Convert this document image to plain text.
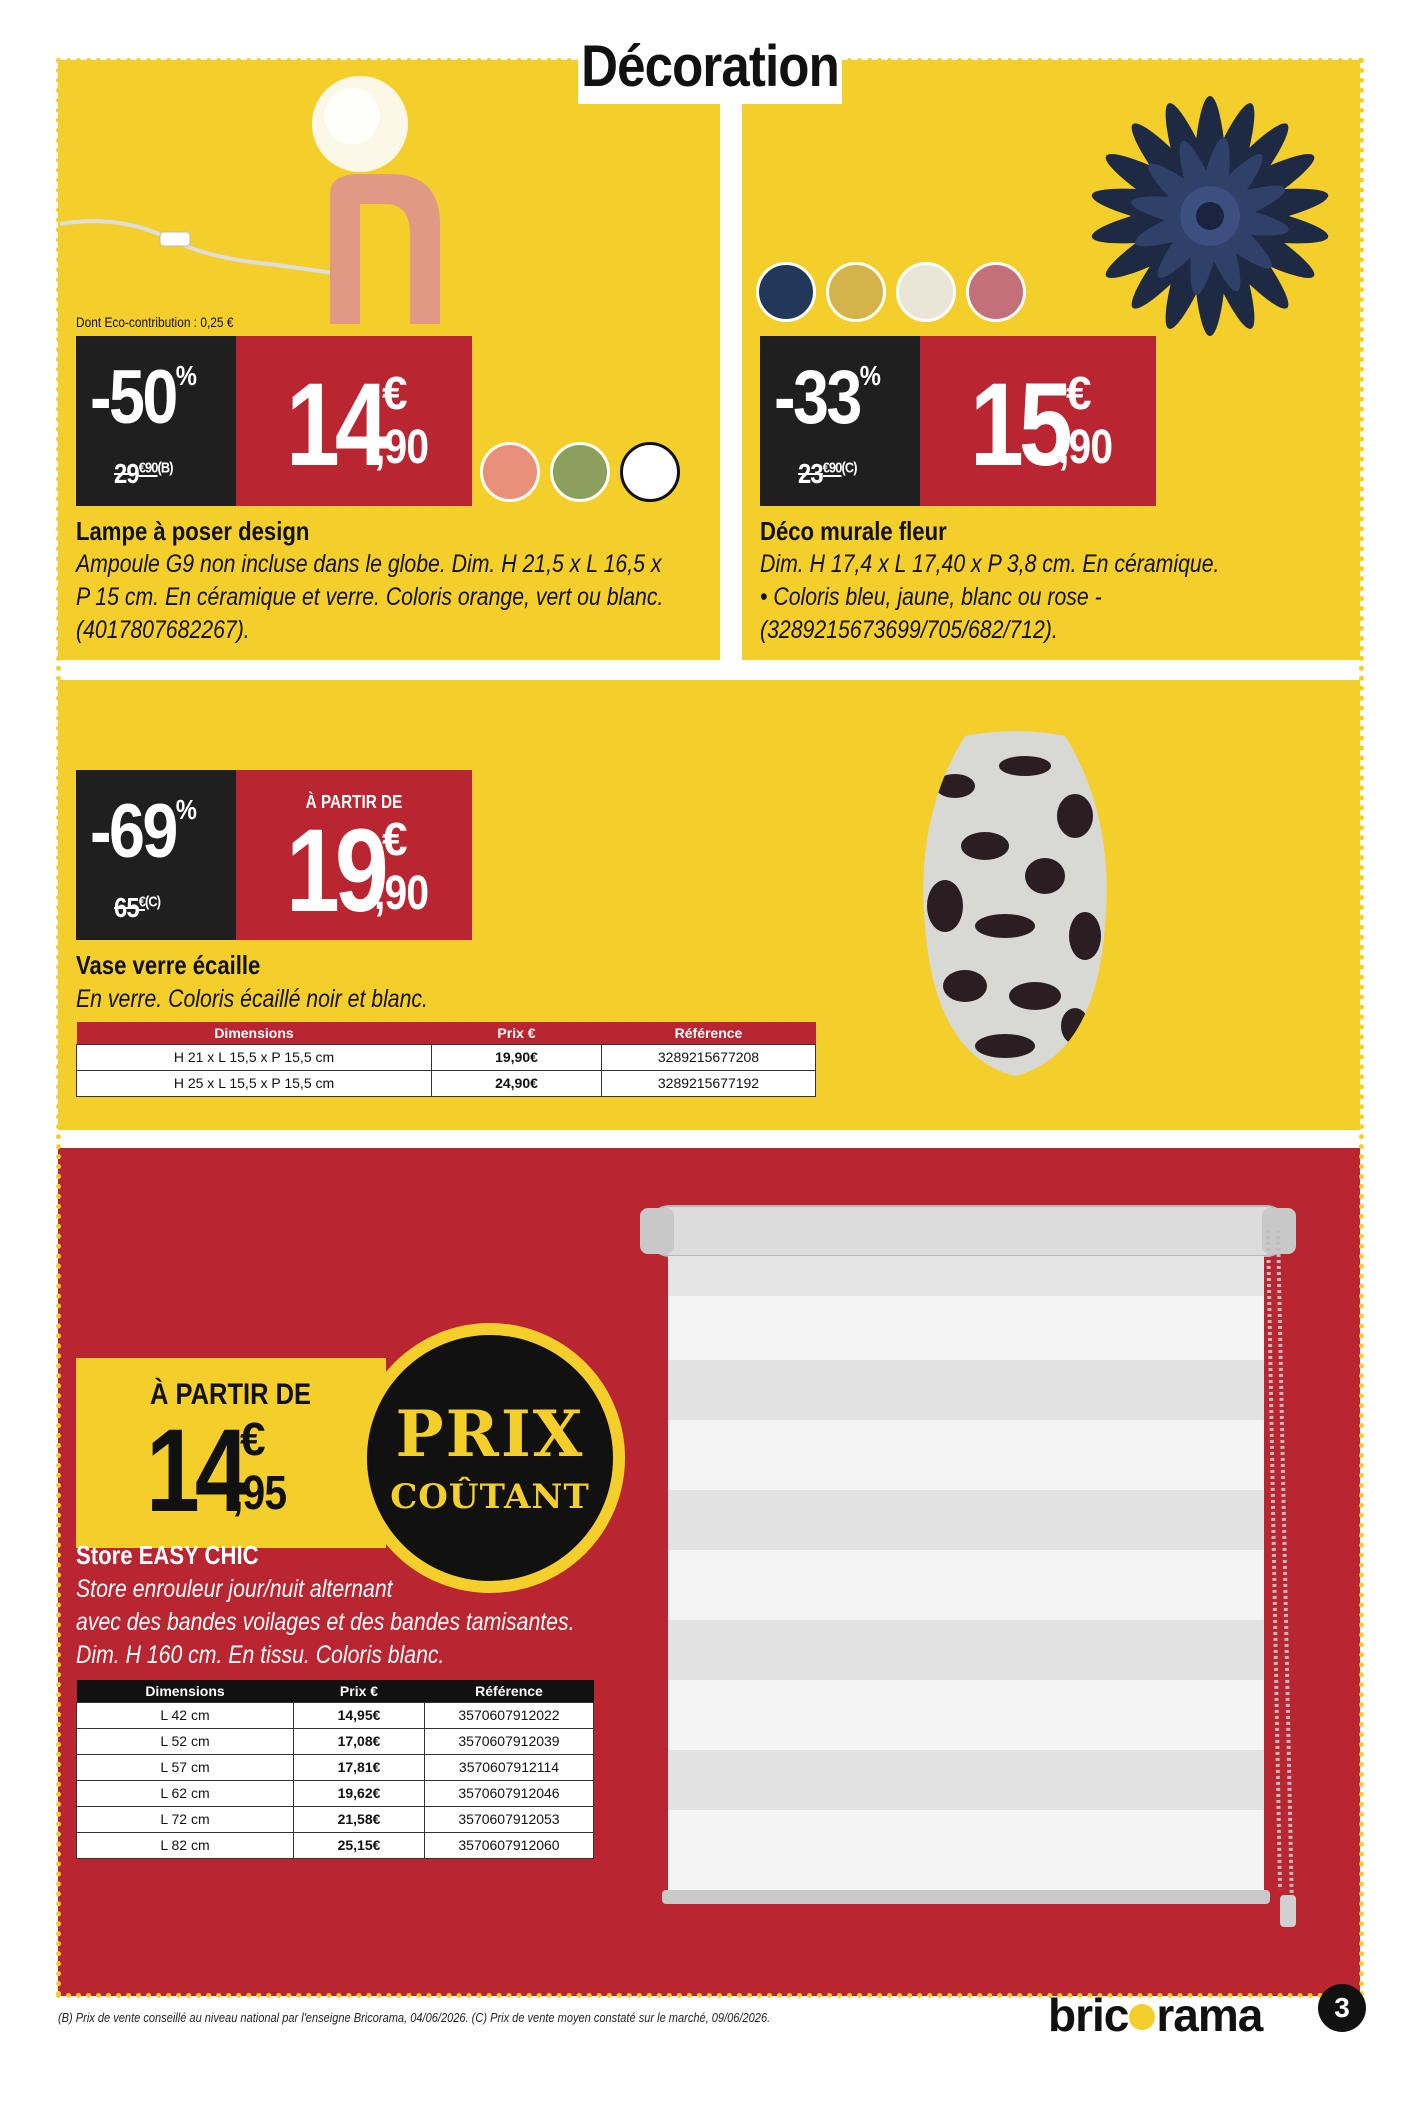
Décoration
Dont Eco-contribution : 0,25 €
-50%
$29^{€90(B)}$ 14
€
,90
Lampe à poser design
Ampoule G9 non incluse dans le globe. Dim. H 21,5 x L 16,5 x
P 15 cm. En céramique et verre. Coloris orange, vert ou blanc.
(4017807682267).
-33%
$23^{€90(C)}$ 15
€
,90
Déco murale fleur
Dim. H 17,4 x L 17,40 x P 3,8 cm. En céramique.
• Coloris bleu, jaune, blanc ou rose -
(3289215673699/705/682/712).
-69%
$65^{€(C)}$
À PARTIR DE
19
€
,90
Vase verre écaille
En verre. Coloris écaillé noir et blanc.
Dimensions	Prix €	Référence
H 21 x L 15,5 x P 15,5 cm	19,90€	3289215677208
H 25 x L 15,5 x P 15,5 cm	24,90€	3289215677192
À PARTIR DE
14
€
,95
PRIX
COÛTANT
Store EASY CHIC
Store enrouleur jour/nuit alternant
avec des bandes voilages et des bandes tamisantes.
Dim. H 160 cm. En tissu. Coloris blanc.
Dimensions	Prix €	Référence
L 42 cm	14,95€	3570607912022
L 52 cm	17,08€	3570607912039
L 57 cm	17,81€	3570607912114
L 62 cm	19,62€	3570607912046
L 72 cm	21,58€	3570607912053
L 82 cm	25,15€	3570607912060
(B) Prix de vente conseillé au niveau national par l'enseigne Bricorama, 04/06/2026. (C) Prix de vente moyen constaté sur le marché, 09/06/2026.	bric rama	3
